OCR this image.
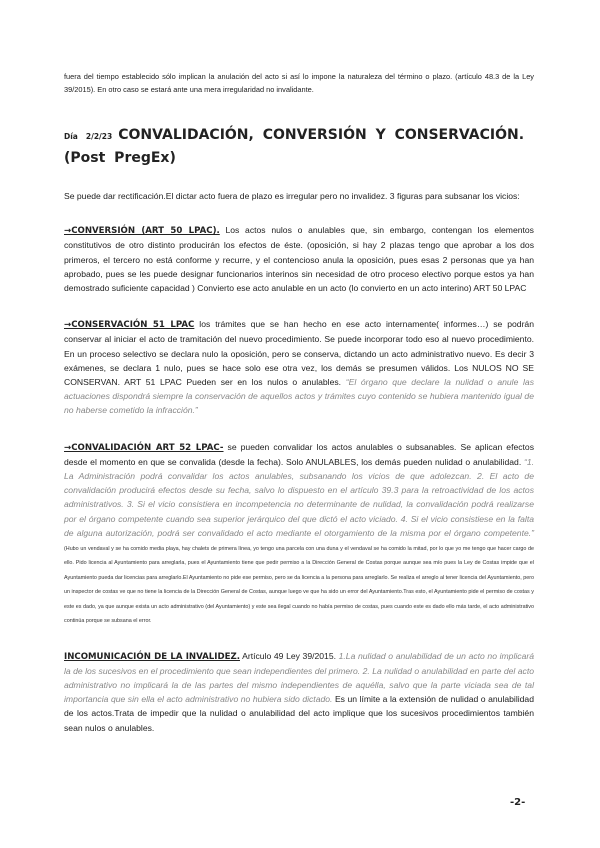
fuera del tiempo establecido sólo implican la anulación del acto si así lo impone la naturaleza del término o plazo. (artículo 48.3 de la Ley 39/2015). En otro caso se estará ante una mera irregularidad no invalidante.

Día 2/2/23 CONVALIDACIÓN, CONVERSIÓN Y CONSERVACIÓN.(Post PregEx)

Se puede dar rectificación.El dictar acto fuera de plazo es irregular pero no invalidez. 3 figuras para subsanar los vicios:

→CONVERSIÓN (ART 50 LPAC). Los actos nulos o anulables que, sin embargo, contengan los elementos constitutivos de otro distinto producirán los efectos de éste. (oposición, si hay 2 plazas tengo que aprobar a los dos primeros, el tercero no está conforme y recurre, y el contencioso anula la oposición, pues esas 2 personas que ya han aprobado, pues se les puede designar funcionarios interinos sin necesidad de otro proceso electivo porque estos ya han demostrado suficiente capacidad ) Convierto ese acto anulable en un acto (lo convierto en un acto interino) ART 50 LPAC

→CONSERVACIÓN 51 LPAC los trámites que se han hecho en ese acto internamente( informes…) se podrán conservar al iniciar el acto de tramitación del nuevo procedimiento. Se puede incorporar todo eso al nuevo procedimiento. En un proceso selectivo se declara nulo la oposición, pero se conserva, dictando un acto administrativo nuevo. Es decir 3 exámenes, se declara 1 nulo, pues se hace solo ese otra vez, los demás se presumen válidos. Los NULOS NO SE CONSERVAN. ART 51 LPAC Pueden ser en los nulos o anulables. “El órgano que declare la nulidad o anule las actuaciones dispondrá siempre la conservación de aquellos actos y trámites cuyo contenido se hubiera mantenido igual de no haberse cometido la infracción.”

→CONVALIDACIÓN ART 52 LPAC- se pueden convalidar los actos anulables o subsanables. Se aplican efectos desde el momento en que se convalida (desde la fecha). Solo ANULABLES, los demás pueden nulidad o anulabilidad. “1. La Administración podrá convalidar los actos anulables, subsanando los vicios de que adolezcan. 2. El acto de convalidación producirá efectos desde su fecha, salvo lo dispuesto en el artículo 39.3 para la retroactividad de los actos administrativos. 3. Si el vicio consistiera en incompetencia no determinante de nulidad, la convalidación podrá realizarse por el órgano competente cuando sea superior jerárquico del que dictó el acto viciado. 4. Si el vicio consistiese en la falta de alguna autorización, podrá ser convalidado el acto mediante el otorgamiento de la misma por el órgano competente.” (Hubo un vendaval y se ha comido media playa, hay chalets de primera línea, yo tengo una parcela con una duna y el vendaval se ha comido la mitad, por lo que yo me tengo que hacer cargo de ello. Pido licencia al Ayuntamiento para arreglarla, pues el Ayuntamiento tiene que pedir permiso a la Dirección General de Costas porque aunque sea mío pues la Ley de Costas impide que el Ayuntamiento pueda dar licencias para arreglarlo.El Ayuntamiento no pide ese permiso, pero se da licencia a la persona para arreglarlo. Se realiza el arreglo al tener licencia del Ayuntamiento, pero un inspector de costas ve que no tiene la licencia de la Dirección General de Costas, aunque luego ve que ha sido un error del Ayuntamiento.Tras esto, el Ayuntamiento pide el permiso de costas y este es dado, ya que aunque exista un acto administrativo (del Ayuntamiento) y este sea ilegal cuando no había permiso de costas, pues cuando este es dado ello más tarde, el acto administrativo continúa porque se subsana el error.

INCOMUNICACIÓN DE LA INVALIDEZ. Artículo 49 Ley 39/2015. 1.La nulidad o anulabilidad de un acto no implicará la de los sucesivos en el procedimiento que sean independientes del primero. 2. La nulidad o anulabilidad en parte del acto administrativo no implicará la de las partes del mismo independientes de aquélla, salvo que la parte viciada sea de tal importancia que sin ella el acto administrativo no hubiera sido dictado. Es un límite a la extensión de nulidad o anulabilidad de los actos.Trata de impedir que la nulidad o anulabilidad del acto implique que los sucesivos procedimientos también sean nulos o anulables.

-2-
